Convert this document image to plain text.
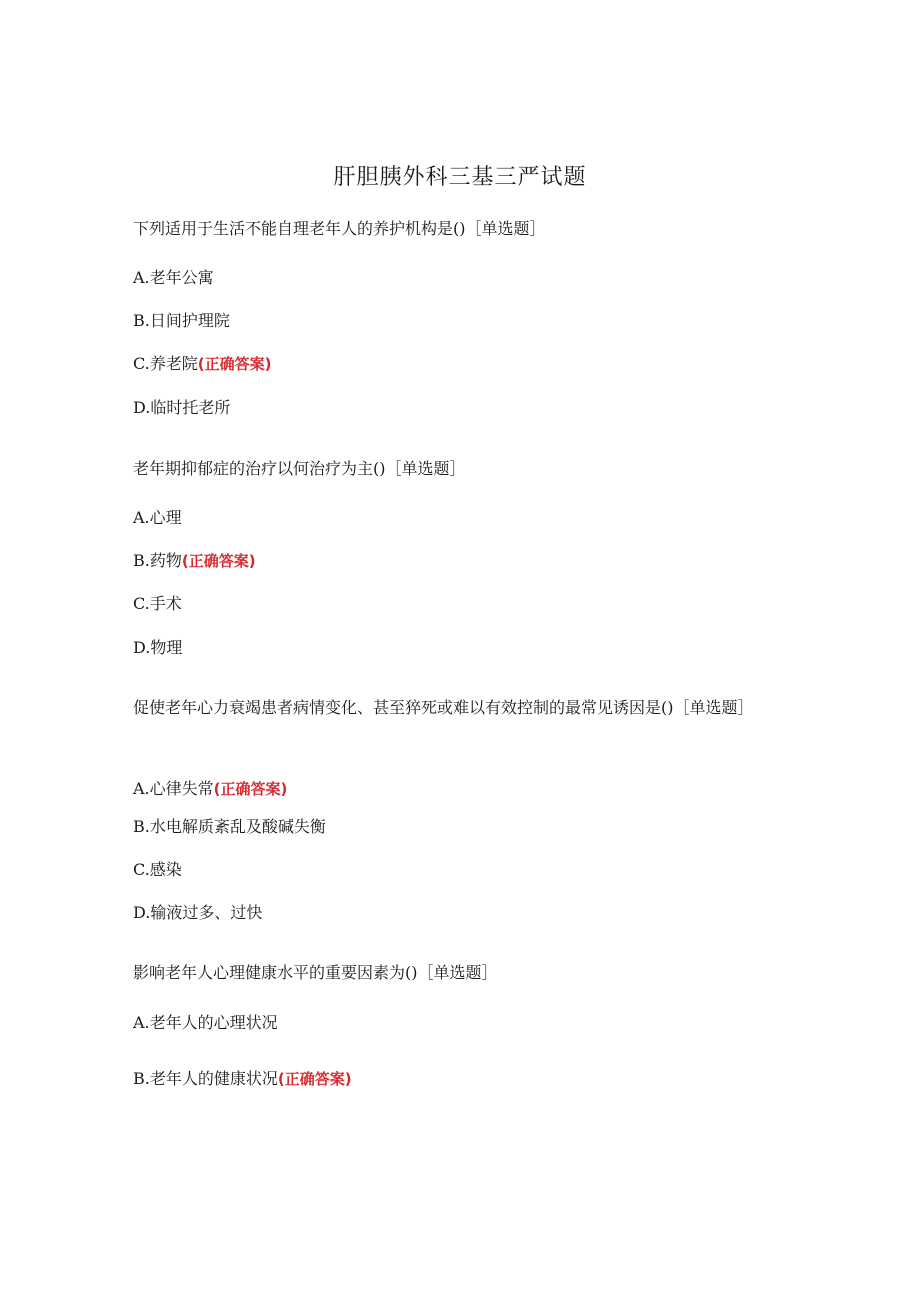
肝胆胰外科三基三严试题
下列适用于生活不能自理老年人的养护机构是()［单选题］
A.老年公寓
B.日间护理院
C.养老院(正确答案)
D.临时托老所
老年期抑郁症的治疗以何治疗为主()［单选题］
A.心理
B.药物(正确答案)
C.手术
D.物理
促使老年心力衰竭患者病情变化、甚至猝死或难以有效控制的最常见诱因是()［单选题］
A.心律失常(正确答案)
B.水电解质紊乱及酸碱失衡
C.感染
D.输液过多、过快
影响老年人心理健康水平的重要因素为()［单选题］
A.老年人的心理状况
B.老年人的健康状况(正确答案)
